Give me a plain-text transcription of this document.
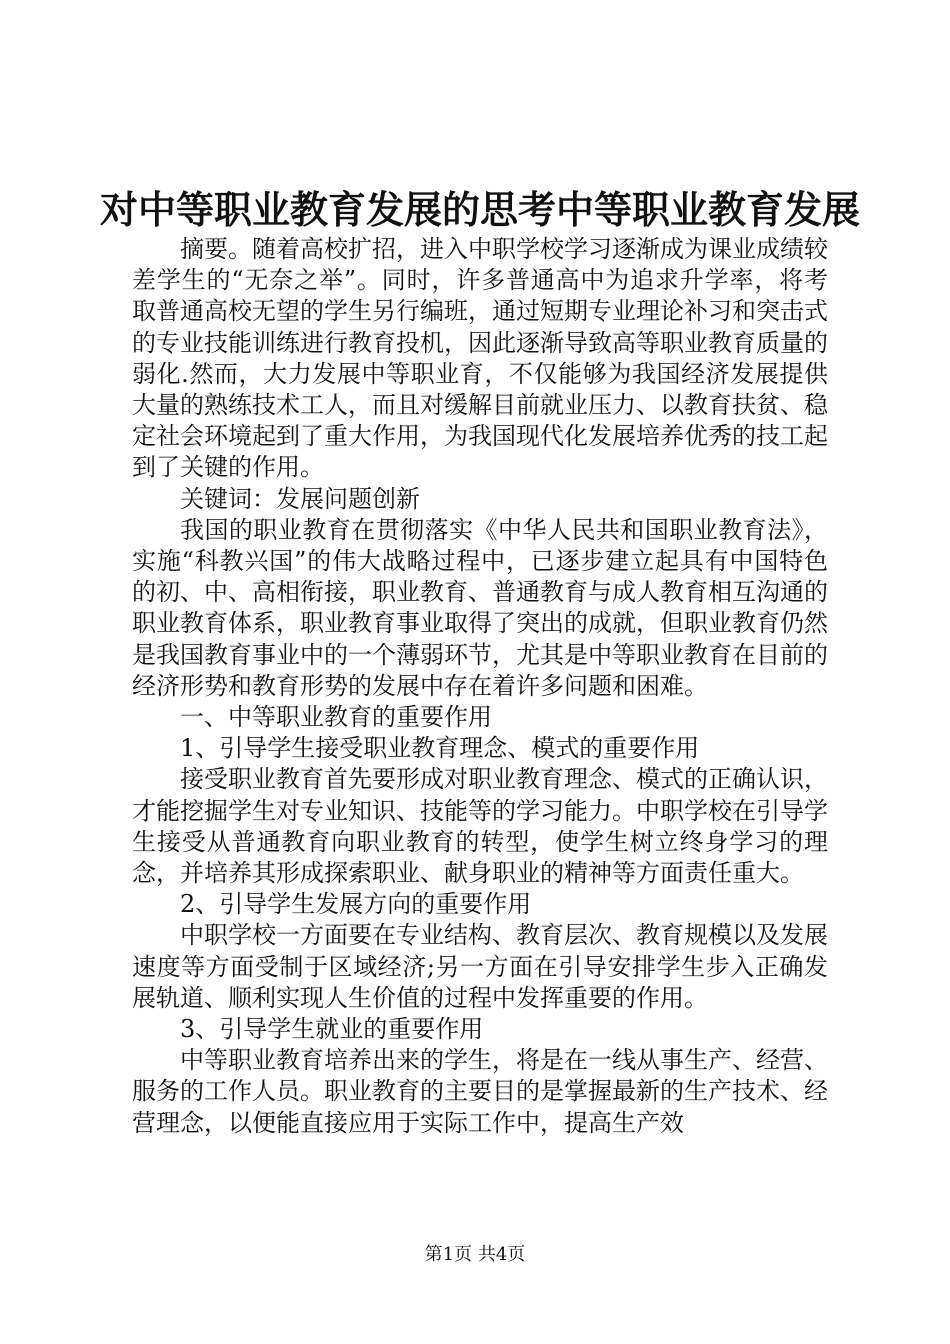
对中等职业教育发展的思考中等职业教育发展

摘要。随着高校扩招，进入中职学校学习逐渐成为课业成绩较差学生的“无奈之举”。同时，许多普通高中为追求升学率，将考取普通高校无望的学生另行编班，通过短期专业理论补习和突击式的专业技能训练进行教育投机，因此逐渐导致高等职业教育质量的弱化.然而，大力发展中等职业育，不仅能够为我国经济发展提供大量的熟练技术工人，而且对缓解目前就业压力、以教育扶贫、稳定社会环境起到了重大作用，为我国现代化发展培养优秀的技工起到了关键的作用。

关键词：发展问题创新

我国的职业教育在贯彻落实《中华人民共和国职业教育法》，实施“科教兴国”的伟大战略过程中，已逐步建立起具有中国特色的初、中、高相衔接，职业教育、普通教育与成人教育相互沟通的职业教育体系，职业教育事业取得了突出的成就，但职业教育仍然是我国教育事业中的一个薄弱环节，尤其是中等职业教育在目前的经济形势和教育形势的发展中存在着许多问题和困难。

一、中等职业教育的重要作用

1、引导学生接受职业教育理念、模式的重要作用

接受职业教育首先要形成对职业教育理念、模式的正确认识，才能挖掘学生对专业知识、技能等的学习能力。中职学校在引导学生接受从普通教育向职业教育的转型，使学生树立终身学习的理念，并培养其形成探索职业、献身职业的精神等方面责任重大。

2、引导学生发展方向的重要作用

中职学校一方面要在专业结构、教育层次、教育规模以及发展速度等方面受制于区域经济;另一方面在引导安排学生步入正确发展轨道、顺利实现人生价值的过程中发挥重要的作用。

3、引导学生就业的重要作用

中等职业教育培养出来的学生，将是在一线从事生产、经营、服务的工作人员。职业教育的主要目的是掌握最新的生产技术、经营理念，以便能直接应用于实际工作中，提高生产效

第1页 共4页
